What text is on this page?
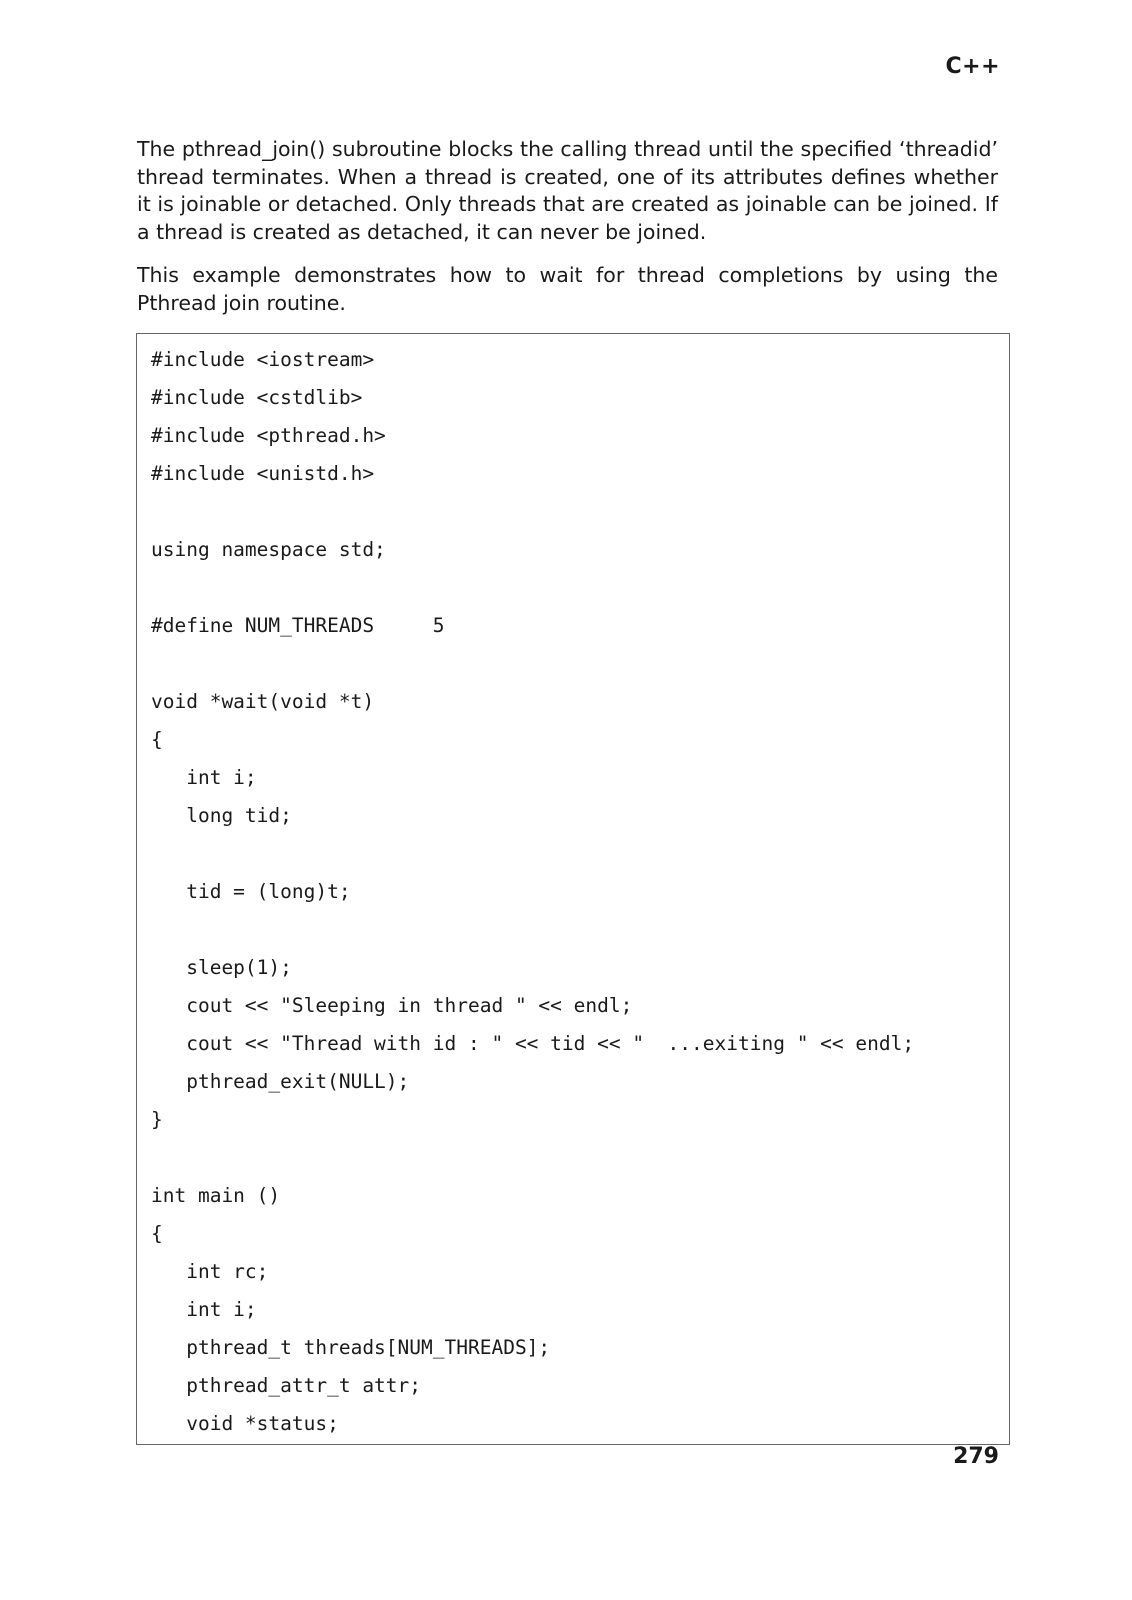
C++

The pthread_join() subroutine blocks the calling thread until the specified ‘threadid’ thread terminates. When a thread is created, one of its attributes defines whether it is joinable or detached. Only threads that are created as joinable can be joined. If a thread is created as detached, it can never be joined.

This example demonstrates how to wait for thread completions by using the Pthread join routine.

#include <iostream>
#include <cstdlib>
#include <pthread.h>
#include <unistd.h>
using namespace std;
#define NUM_THREADS     5
void *wait(void *t)
{
int i;
long tid;
tid = (long)t;
sleep(1);
cout << "Sleeping in thread " << endl;
cout << "Thread with id : " << tid << "  ...exiting " << endl;
pthread_exit(NULL);
}
int main ()
{
int rc;
int i;
pthread_t threads[NUM_THREADS];
pthread_attr_t attr;
void *status;
279
